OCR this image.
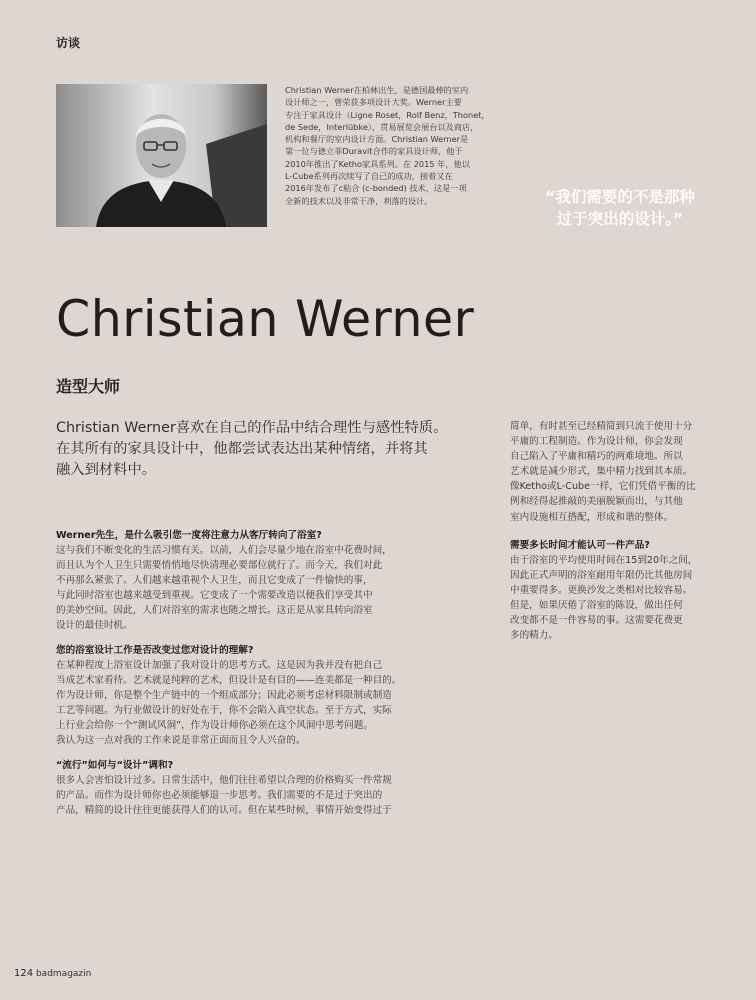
访谈

Christian Werner在柏林出生，是德国最棒的室内

设计师之一，曾荣获多项设计大奖。Werner主要

专注于家具设计（Ligne Roset，Rolf Benz，Thonet，

de Sede，Interlübke），贯易展览会展台以及商店，

机构和餐厅的室内设计方面。Christian Werner是

第一位与德立菲Duravit合作的家具设计师，他于

2010年推出了Ketho家具系列。在 2015 年，他以

L-Cube系列再次续写了自己的成功，接着又在

2016年发布了c粘合 (c-bonded) 技术，这是一项

全新的技术以及非常干净，利落的设计。	“我们需要的不是那种
过于突出的设计。”
Christian Werner
造型大师
Christian Werner喜欢在自己的作品中结合理性与感性特质。
在其所有的家具设计中，他都尝试表达出某种情绪，并将其
融入到材料中。
Werner先生，是什么吸引您一度将注意力从客厅转向了浴室?

这与我们不断变化的生活习惯有关。以前，人们会尽量少地在浴室中花费时间，

而且认为个人卫生只需要悄悄地尽快清理必要部位就行了。而今天，我们对此

不再那么紧张了。人们越来越重视个人卫生，而且它变成了一件愉快的事，

与此同时浴室也越来越受到重视。它变成了一个需要改造以便我们享受其中

的美妙空间。因此，人们对浴室的需求也随之增长。这正是从家具转向浴室

设计的最佳时机。

您的浴室设计工作是否改变过您对设计的理解?

在某种程度上浴室设计加强了我对设计的思考方式。这是因为我并没有把自己

当成艺术家看待。艺术就是纯粹的艺术，但设计是有目的——连美都是一种目的。

作为设计师，你是整个生产链中的一个组成部分；因此必须考虑材料限制或制造

工艺等问题。为行业做设计的好处在于，你不会陷入真空状态。至于方式，实际

上行业会给你一个“测试风洞”，作为设计师你必须在这个风洞中思考问题。

我认为这一点对我的工作来说是非常正面而且令人兴奋的。

“流行”如何与“设计”调和?

很多人会害怕设计过多。日常生活中，他们往往希望以合理的价格购买一件常规

的产品。而作为设计师你也必须能够退一步思考。我们需要的不是过于突出的

产品，精简的设计往往更能获得人们的认可。但在某些时候，事情开始变得过于

简单，有时甚至已经精简到只流于使用十分

平庸的工程制造。作为设计师，你会发现

自己陷入了平庸和精巧的两难境地。所以

艺术就是减少形式，集中精力找到其本质。

像Ketho或L-Cube一样，它们凭借平衡的比

例和经得起推敲的美丽脱颖而出，与其他

室内设施相互搭配，形成和谐的整体。

需要多长时间才能认可一件产品?

由于浴室的平均使用时间在15到20年之间，

因此正式声明的浴室耐用年限仍比其他房间

中重要得多。更换沙发之类相对比较容易。

但是，如果厌倦了浴室的陈设，做出任何

改变都不是一件容易的事。这需要花费更

多的精力。

124 badmagazin
